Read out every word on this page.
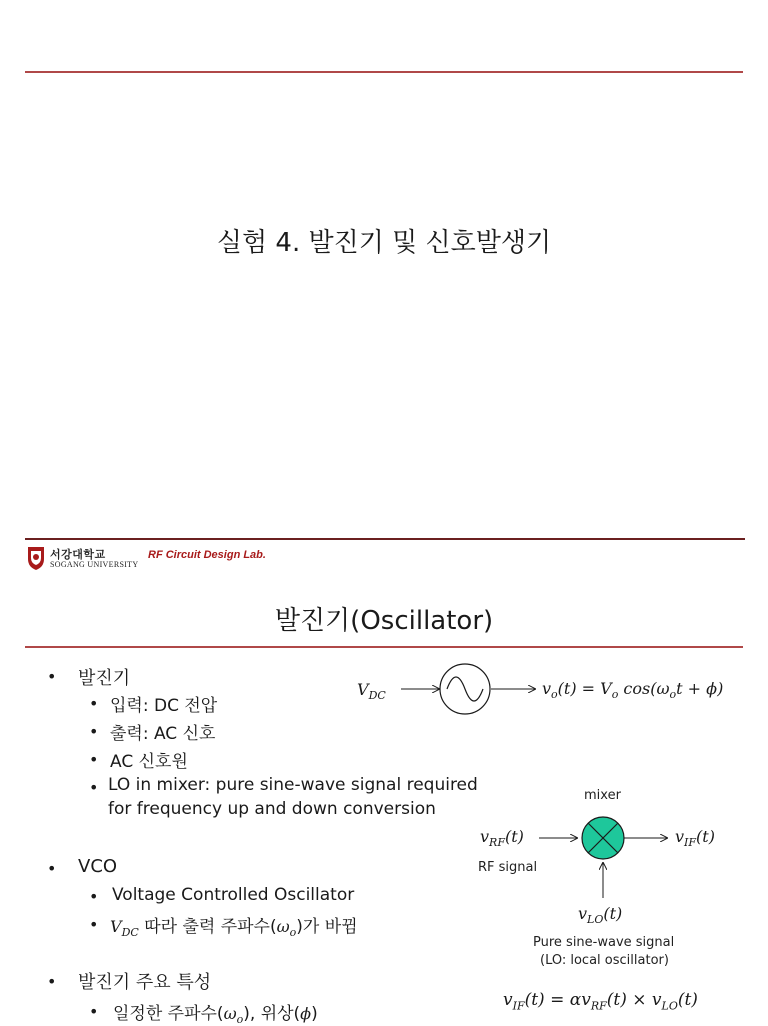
실험 4. 발진기 및 신호발생기
서강대학교
SOGANG UNIVERSITY
RF Circuit Design Lab.
발진기(Oscillator)
• 발진기
• 입력: DC 전압
• 출력: AC 신호
• AC 신호원
• LO in mixer: pure sine-wave signal required
for frequency up and down conversion
• VCO
• Voltage Controlled Oscillator
• $V_{DC}$ 따라 출력 주파수$(\omega_o)$가 바뀜
• 발진기 주요 특성
• 일정한 주파수$(\omega_o)$, 위상(ϕ)
$V_{DC}$	$v_o(t) = V_o$ $\cos(\omega_ot + \phi)$
mixer
$v_{RF}(t)$
RF signal
$v_{IF}(t)$
$v_{LO}(t)$
Pure sine-wave signal
(LO: local oscillator)
$v_{IF}(t) = \alpha v_{RF}(t) \times v_{LO}(t)$
